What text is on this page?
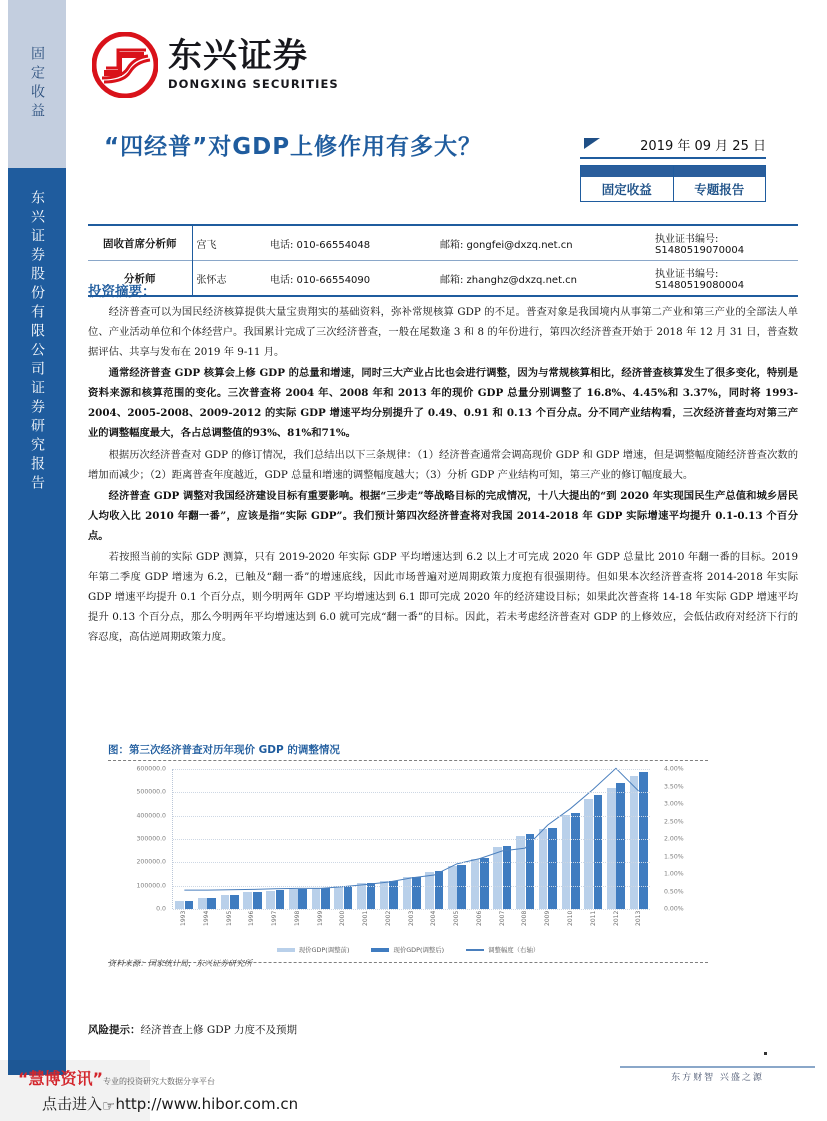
固定收益
东兴证券股份有限公司证券研究报告
东兴证券
DONGXING SECURITIES
“四经普”对GDP上修作用有多大？	2019 年 09 月 25 日
固定收益	专题报告
固收首席分析师	宫飞	电话: 010-66554048	邮箱: gongfei@dxzq.net.cn	执业证书编号: S1480519070004
分析师	张怀志	电话: 010-66554090	邮箱: zhanghz@dxzq.net.cn	执业证书编号: S1480519080004
投资摘要：

经济普查可以为国民经济核算提供大量宝贵翔实的基础资料，弥补常规核算 GDP 的不足。普查对象是我国境内从事第二产业和第三产业的全部法人单位、产业活动单位和个体经营户。我国累计完成了三次经济普查，一般在尾数逢 3 和 8 的年份进行，第四次经济普查开始于 2018 年 12 月 31 日，普查数据评估、共享与发布在 2019 年 9-11 月。

通常经济普查 GDP 核算会上修 GDP 的总量和增速，同时三大产业占比也会进行调整，因为与常规核算相比，经济普查核算发生了很多变化，特别是资料来源和核算范围的变化。三次普查将 2004 年、2008 年和 2013 年的现价 GDP 总量分别调整了 16.8%、4.45%和 3.37%，同时将 1993-2004、2005-2008、2009-2012 的实际 GDP 增速平均分别提升了 0.49、0.91 和 0.13 个百分点。分不同产业结构看，三次经济普查均对第三产业的调整幅度最大，各占总调整值的93%、81%和71%。

根据历次经济普查对 GDP 的修订情况，我们总结出以下三条规律：（1）经济普查通常会调高现价 GDP 和 GDP 增速，但是调整幅度随经济普查次数的增加而减少；（2）距离普查年度越近，GDP 总量和增速的调整幅度越大；（3）分析 GDP 产业结构可知，第三产业的修订幅度最大。

经济普查 GDP 调整对我国经济建设目标有重要影响。根据“三步走”等战略目标的完成情况，十八大提出的“到 2020 年实现国民生产总值和城乡居民人均收入比 2010 年翻一番”，应该是指“实际 GDP”。我们预计第四次经济普查将对我国 2014-2018 年 GDP 实际增速平均提升 0.1-0.13 个百分点。

若按照当前的实际 GDP 测算，只有 2019-2020 年实际 GDP 平均增速达到 6.2 以上才可完成 2020 年 GDP 总量比 2010 年翻一番的目标。2019 年第二季度 GDP 增速为 6.2，已触及“翻一番”的增速底线，因此市场普遍对逆周期政策力度抱有很强期待。但如果本次经济普查将 2014-2018 年实际 GDP 增速平均提升 0.1 个百分点，则今明两年 GDP 平均增速达到 6.1 即可完成 2020 年的经济建设目标；如果此次普查将 14-18 年实际 GDP 增速平均提升 0.13 个百分点，那么今明两年平均增速达到 6.0 就可完成“翻一番”的目标。因此，若未考虑经济普查对 GDP 的上修效应，会低估政府对经济下行的容忍度，高估逆周期政策力度。

图：第三次经济普查对历年现价 GDP 的调整情况
0.0
100000.0
200000.0
300000.0
400000.0
500000.0
600000.0
0.00%
0.50%
1.00%
1.50%
2.00%
2.50%
3.00%
3.50%
4.00%
1993	1994	1995	1996	1997	1998	1999	2000	2001	2002	2003	2004	2005	2006	2007	2008	2009	2010	2011	2012	2013
现价GDP(调整前)	现价GDP(调整后)	调整幅度（右轴）
资料来源：国家统计局，东兴证券研究所
风险提示：经济普查上修 GDP 力度不及预期
东方财智 兴盛之源
“慧博资讯”专业的投资研究大数据分享平台
点击进入☞http://www.hibor.com.cn
